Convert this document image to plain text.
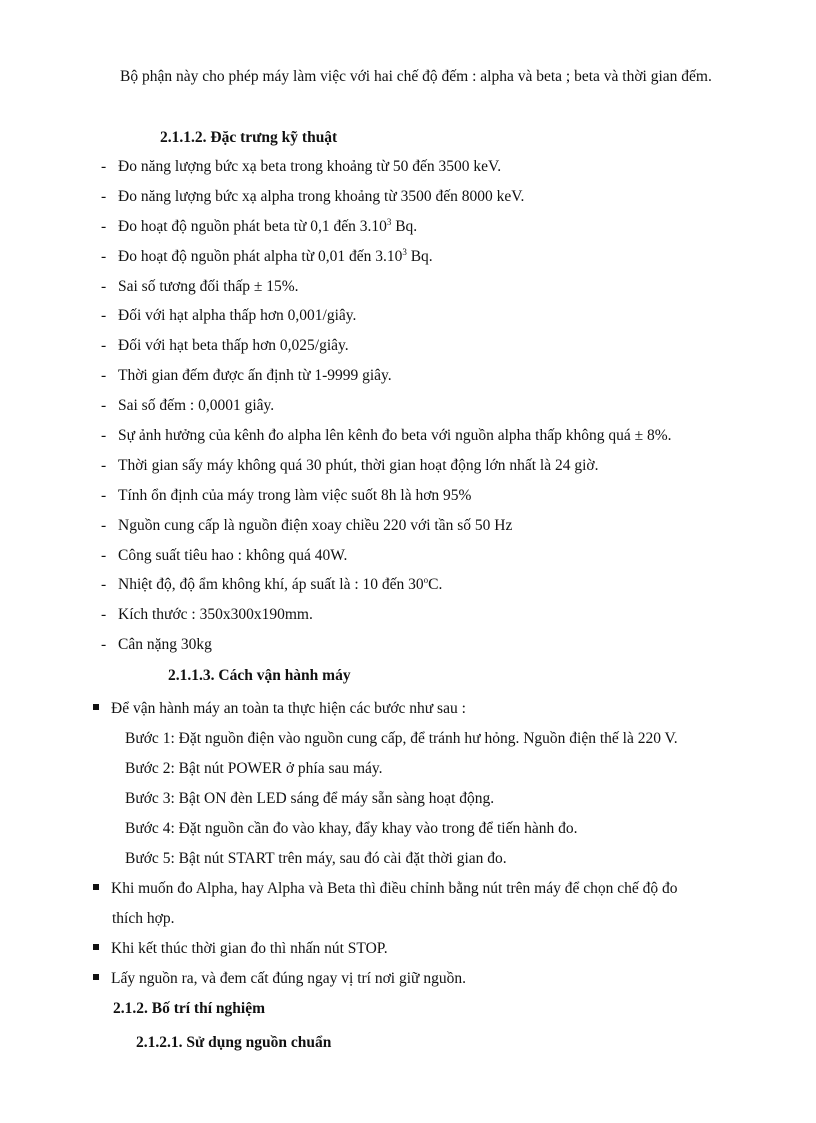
Bộ phận này cho phép máy làm việc với hai chế độ đếm : alpha và beta ; beta và thời gian đếm.

2.1.1.2. Đặc trưng kỹ thuật
- Đo năng lượng bức xạ beta trong khoảng từ 50 đến 3500 keV.
- Đo năng lượng bức xạ alpha trong khoảng từ 3500 đến 8000 keV.
- Đo hoạt độ nguồn phát beta từ 0,1 đến 3.10$^3$ Bq.
- Đo hoạt độ nguồn phát alpha từ 0,01 đến 3.10$^3$ Bq.
- Sai số tương đối thấp ± 15%.
- Đối với hạt alpha thấp hơn 0,001/giây.
- Đối với hạt beta thấp hơn 0,025/giây.
- Thời gian đếm được ấn định từ 1-9999 giây.
- Sai số đếm : 0,0001 giây.
- Sự ảnh hưởng của kênh đo alpha lên kênh đo beta với nguồn alpha thấp không quá ± 8%.
- Thời gian sấy máy không quá 30 phút, thời gian hoạt động lớn nhất là 24 giờ.
- Tính ổn định của máy trong làm việc suốt 8h là hơn 95%
- Nguồn cung cấp là nguồn điện xoay chiều 220 với tần số 50 Hz
- Công suất tiêu hao : không quá 40W.
- Nhiệt độ, độ ẩm không khí, áp suất là : 10 đến 30$^o$C.
- Kích thước : 350x300x190mm.
- Cân nặng 30kg
2.1.1.3. Cách vận hành máy
Để vận hành máy an toàn ta thực hiện các bước như sau :

Bước 1: Đặt nguồn điện vào nguồn cung cấp, để tránh hư hỏng. Nguồn điện thế là 220 V.

Bước 2: Bật nút POWER ở phía sau máy.

Bước 3: Bật ON đèn LED sáng để máy sẵn sàng hoạt động.

Bước 4: Đặt nguồn cần đo vào khay, đẩy khay vào trong để tiến hành đo.

Bước 5: Bật nút START trên máy, sau đó cài đặt thời gian đo.

Khi muốn đo Alpha, hay Alpha và Beta thì điều chỉnh bằng nút trên máy để chọn chế độ đo

thích hợp.

Khi kết thúc thời gian đo thì nhấn nút STOP.
Lấy nguồn ra, và đem cất đúng ngay vị trí nơi giữ nguồn.
2.1.2. Bố trí thí nghiệm
2.1.2.1. Sử dụng nguồn chuẩn
